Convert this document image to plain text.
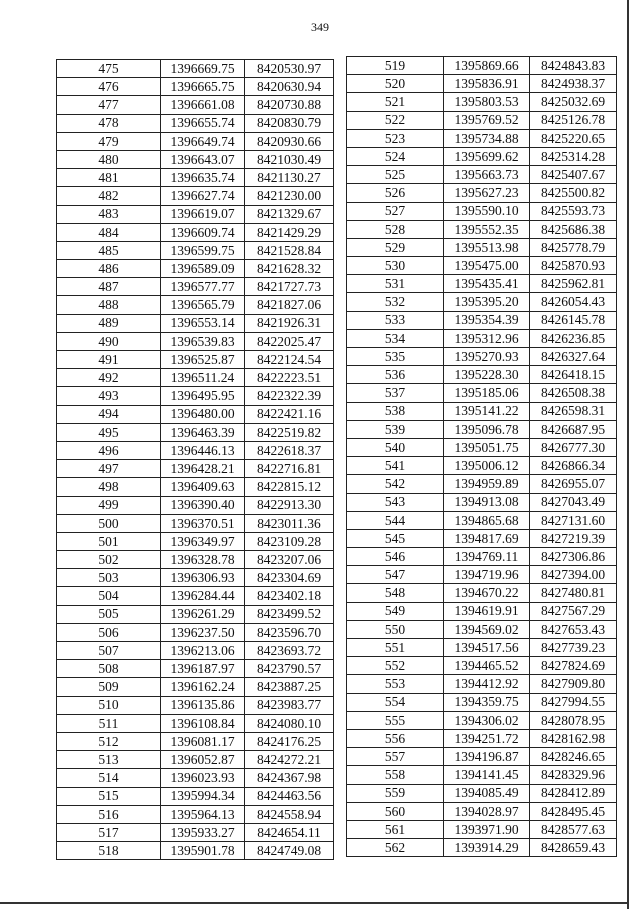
349
475	1396669.75	8420530.97
476	1396665.75	8420630.94
477	1396661.08	8420730.88
478	1396655.74	8420830.79
479	1396649.74	8420930.66
480	1396643.07	8421030.49
481	1396635.74	8421130.27
482	1396627.74	8421230.00
483	1396619.07	8421329.67
484	1396609.74	8421429.29
485	1396599.75	8421528.84
486	1396589.09	8421628.32
487	1396577.77	8421727.73
488	1396565.79	8421827.06
489	1396553.14	8421926.31
490	1396539.83	8422025.47
491	1396525.87	8422124.54
492	1396511.24	8422223.51
493	1396495.95	8422322.39
494	1396480.00	8422421.16
495	1396463.39	8422519.82
496	1396446.13	8422618.37
497	1396428.21	8422716.81
498	1396409.63	8422815.12
499	1396390.40	8422913.30
500	1396370.51	8423011.36
501	1396349.97	8423109.28
502	1396328.78	8423207.06
503	1396306.93	8423304.69
504	1396284.44	8423402.18
505	1396261.29	8423499.52
506	1396237.50	8423596.70
507	1396213.06	8423693.72
508	1396187.97	8423790.57
509	1396162.24	8423887.25
510	1396135.86	8423983.77
511	1396108.84	8424080.10
512	1396081.17	8424176.25
513	1396052.87	8424272.21
514	1396023.93	8424367.98
515	1395994.34	8424463.56
516	1395964.13	8424558.94
517	1395933.27	8424654.11
518	1395901.78	8424749.08
519	1395869.66	8424843.83
520	1395836.91	8424938.37
521	1395803.53	8425032.69
522	1395769.52	8425126.78
523	1395734.88	8425220.65
524	1395699.62	8425314.28
525	1395663.73	8425407.67
526	1395627.23	8425500.82
527	1395590.10	8425593.73
528	1395552.35	8425686.38
529	1395513.98	8425778.79
530	1395475.00	8425870.93
531	1395435.41	8425962.81
532	1395395.20	8426054.43
533	1395354.39	8426145.78
534	1395312.96	8426236.85
535	1395270.93	8426327.64
536	1395228.30	8426418.15
537	1395185.06	8426508.38
538	1395141.22	8426598.31
539	1395096.78	8426687.95
540	1395051.75	8426777.30
541	1395006.12	8426866.34
542	1394959.89	8426955.07
543	1394913.08	8427043.49
544	1394865.68	8427131.60
545	1394817.69	8427219.39
546	1394769.11	8427306.86
547	1394719.96	8427394.00
548	1394670.22	8427480.81
549	1394619.91	8427567.29
550	1394569.02	8427653.43
551	1394517.56	8427739.23
552	1394465.52	8427824.69
553	1394412.92	8427909.80
554	1394359.75	8427994.55
555	1394306.02	8428078.95
556	1394251.72	8428162.98
557	1394196.87	8428246.65
558	1394141.45	8428329.96
559	1394085.49	8428412.89
560	1394028.97	8428495.45
561	1393971.90	8428577.63
562	1393914.29	8428659.43
